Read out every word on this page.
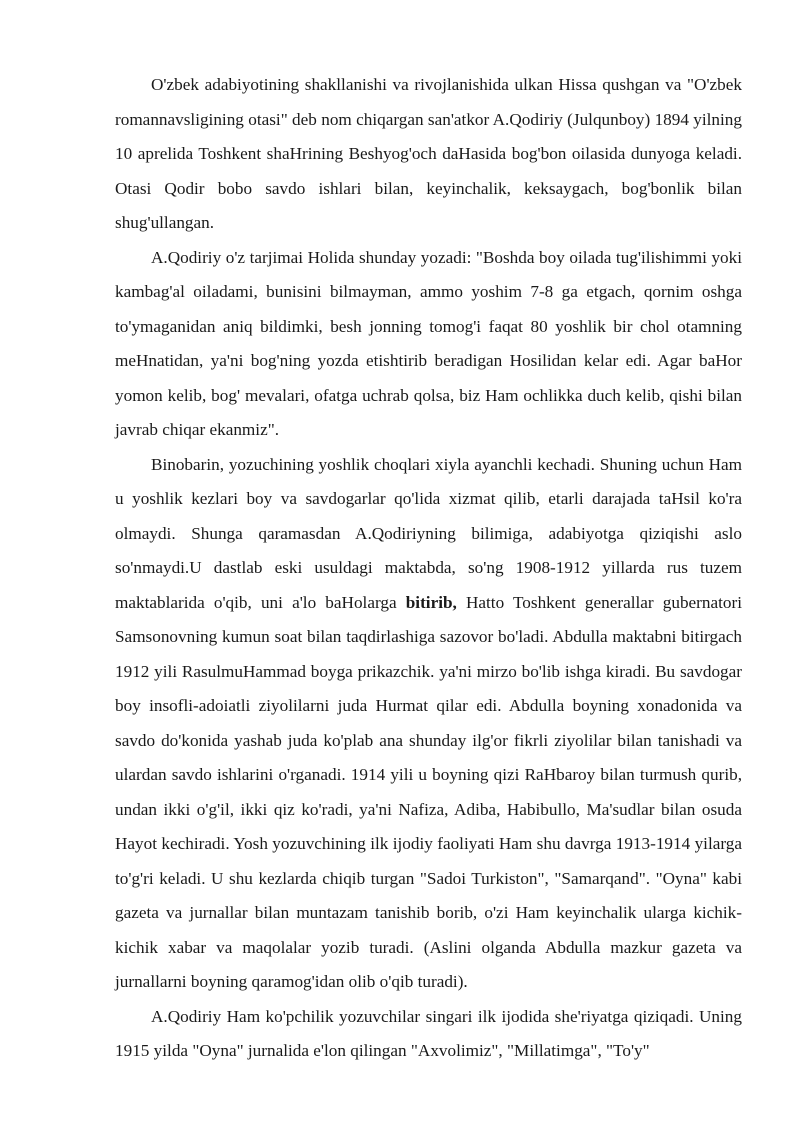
O'zbek adabiyotining shakllanishi va rivojlanishida ulkan Hissa qushgan va "O'zbek romannavsligining otasi" deb nom chiqargan san'atkor A.Qodiriy (Julqunboy) 1894 yilning 10 aprelida Toshkent shaHrining Beshyog'och daHasida bog'bon oilasida dunyoga keladi. Otasi Qodir bobo savdo ishlari bilan, keyinchalik, keksaygach, bog'bonlik bilan shug'ullangan.

A.Qodiriy o'z tarjimai Holida shunday yozadi: "Boshda boy oilada tug'ilishimmi yoki kambag'al oiladami, bunisini bilmayman, ammo yoshim 7-8 ga etgach, qornim oshga to'ymaganidan aniq bildimki, besh jonning tomog'i faqat 80 yoshlik bir chol otamning meHnatidan, ya'ni bog'ning yozda etishtirib beradigan Hosilidan kelar edi. Agar baHor yomon kelib, bog' mevalari, ofatga uchrab qolsa, biz Ham ochlikka duch kelib, qishi bilan javrab chiqar ekanmiz".

Binobarin, yozuchining yoshlik choqlari xiyla ayanchli kechadi. Shuning uchun Ham u yoshlik kezlari boy va savdogarlar qo'lida xizmat qilib, etarli darajada taHsil ko'ra olmaydi. Shunga qaramasdan A.Qodiriyning bilimiga, adabiyotga qiziqishi aslo so'nmaydi.U dastlab eski usuldagi maktabda, so'ng 1908-1912 yillarda rus tuzem maktablarida o'qib, uni a'lo baHolarga bitirib, Hatto Toshkent generallar gubernatori Samsonovning kumun soat bilan taqdirlashiga sazovor bo'ladi. Abdulla maktabni bitirgach 1912 yili RasulmuHammad boyga prikazchik. ya'ni mirzo bo'lib ishga kiradi. Bu savdogar boy insofli-adoiatli ziyolilarni juda Hurmat qilar edi. Abdulla boyning xonadonida va savdo do'konida yashab juda ko'plab ana shunday ilg'or fikrli ziyolilar bilan tanishadi va ulardan savdo ishlarini o'rganadi. 1914 yili u boyning qizi RaHbaroy bilan turmush qurib, undan ikki o'g'il, ikki qiz ko'radi, ya'ni Nafiza, Adiba, Habibullo, Ma'sudlar bilan osuda Hayot kechiradi. Yosh yozuvchining ilk ijodiy faoliyati Ham shu davrga 1913-1914 yilarga to'g'ri keladi. U shu kezlarda chiqib turgan "Sadoi Turkiston", "Samarqand". "Oyna" kabi gazeta va jurnallar bilan muntazam tanishib borib, o'zi Ham keyinchalik ularga kichik-kichik xabar va maqolalar yozib turadi. (Aslini olganda Abdulla mazkur gazeta va jurnallarni boyning qaramog'idan olib o'qib turadi).

A.Qodiriy Ham ko'pchilik yozuvchilar singari ilk ijodida she'riyatga qiziqadi. Uning 1915 yilda "Oyna" jurnalida e'lon qilingan "Axvolimiz", "Millatimga", "To'y"
